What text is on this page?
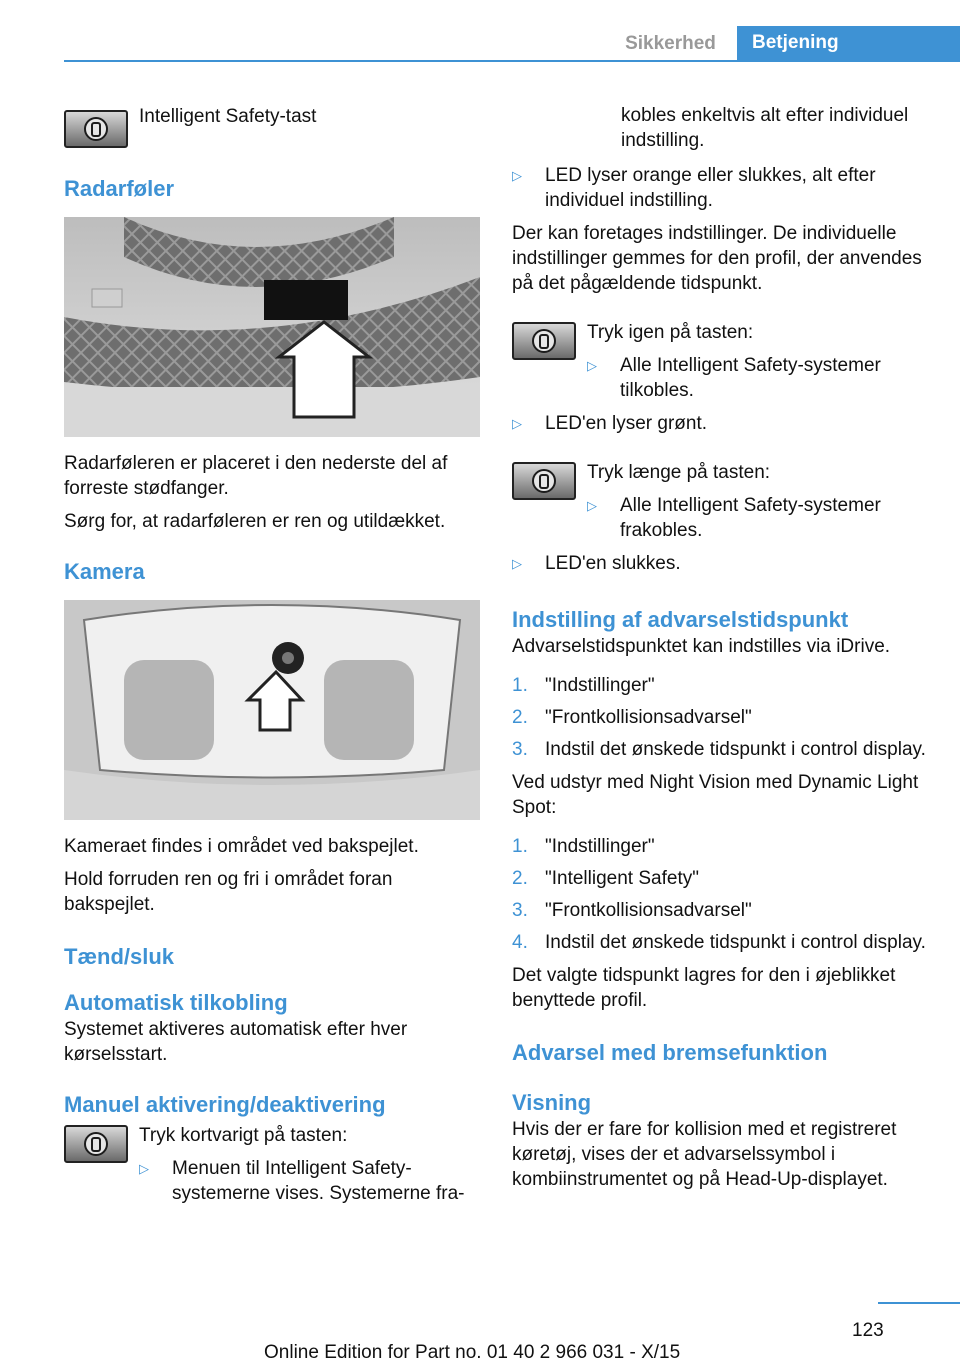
Sikkerhed	Betjening

Intelligent Safety-tast

Radarføler

Radarføleren er placeret i den nederste del af forreste stødfanger.

Sørg for, at radarføleren er ren og utildækket.

Kamera

Kameraet findes i området ved bakspejlet.

Hold forruden ren og fri i området foran bakspejlet.

Tænd/sluk

Automatisk tilkobling

Systemet aktiveres automatisk efter hver kørselsstart.

Manuel aktivering/deaktivering

Tryk kortvarigt på tasten:

▷	Menuen til Intelligent Safety-systemerne vises. Systemerne fra-

kobles enkeltvis alt efter individuel indstilling.

▷	LED lyser orange eller slukkes, alt efter individuel indstilling.

Der kan foretages indstillinger. De individuelle indstillinger gemmes for den profil, der anvendes på det pågældende tidspunkt.

Tryk igen på tasten:

▷	Alle Intelligent Safety-systemer tilkobles.

▷	LED'en lyser grønt.

Tryk længe på tasten:

▷	Alle Intelligent Safety-systemer frakobles.

▷	LED'en slukkes.

Indstilling af advarselstidspunkt

Advarselstidspunktet kan indstilles via iDrive.

1. "Indstillinger"

2. "Frontkollisionsadvarsel"

3. Indstil det ønskede tidspunkt i control display.

Ved udstyr med Night Vision med Dynamic Light Spot:

1. "Indstillinger"

2. "Intelligent Safety"

3. "Frontkollisionsadvarsel"

4. Indstil det ønskede tidspunkt i control display.

Det valgte tidspunkt lagres for den i øjeblikket benyttede profil.

Advarsel med bremsefunktion

Visning

Hvis der er fare for kollision med et registreret køretøj, vises der et advarselssymbol i kombiinstrumentet og på Head-Up-displayet.

123
Online Edition for Part no. 01 40 2 966 031 - X/15
